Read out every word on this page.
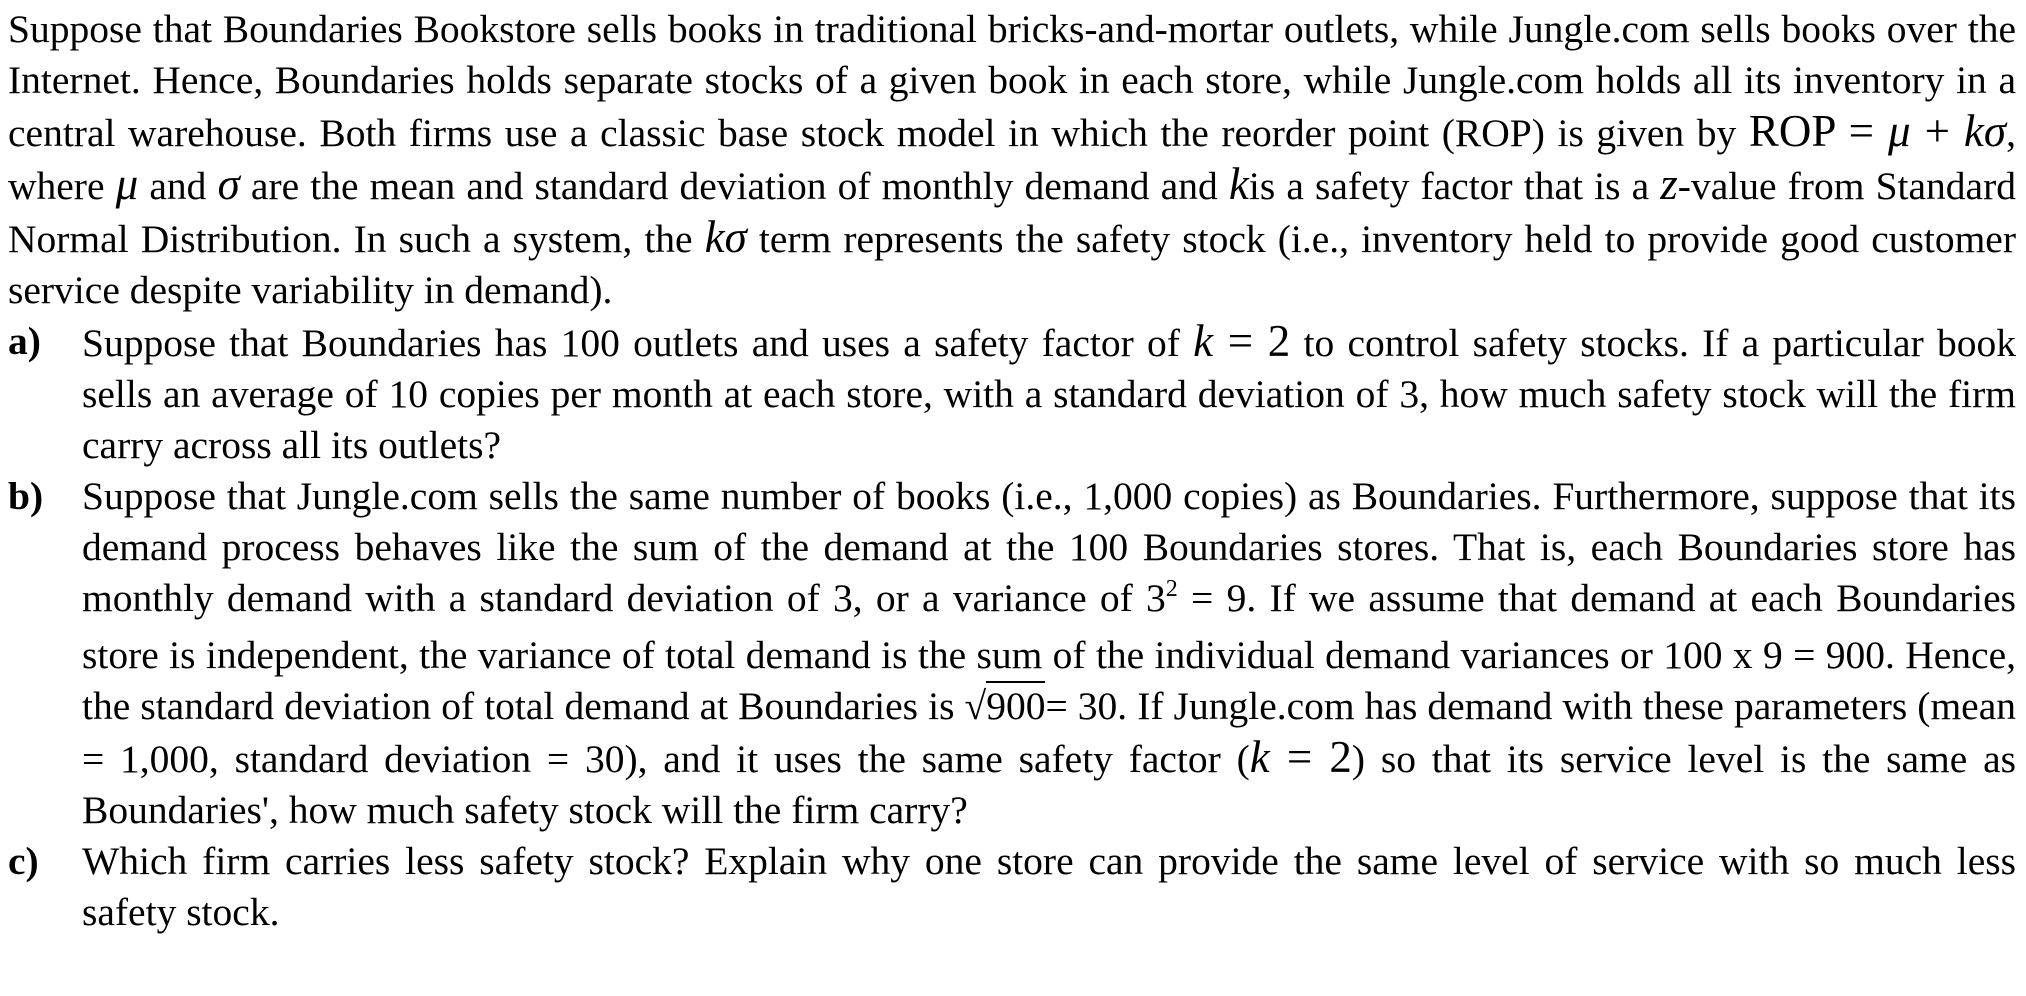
Suppose that Boundaries Bookstore sells books in traditional bricks-and-mortar outlets, while Jungle.com sells books over the Internet. Hence, Boundaries holds separate stocks of a given book in each store, while Jungle.com holds all its inventory in a central warehouse. Both firms use a classic base stock model in which the reorder point (ROP) is given by ROP = μ + kσ, where μ and σ are the mean and standard deviation of monthly demand and kis a safety factor that is a z-value from Standard Normal Distribution. In such a system, the kσ term represents the safety stock (i.e., inventory held to provide good customer service despite variability in demand).

a)	Suppose that Boundaries has 100 outlets and uses a safety factor of k = 2 to control safety stocks. If a particular book sells an average of 10 copies per month at each store, with a standard deviation of 3, how much safety stock will the firm carry across all its outlets?

b) Suppose that Jungle.com sells the same number of books (i.e., 1,000 copies) as Boundaries. Furthermore, suppose that its demand process behaves like the sum of the demand at the 100 Boundaries stores. That is, each Boundaries store has monthly demand with a standard deviation of 3, or a variance of $3^2 = 9$. If we assume that demand at each Boundaries store is independent, the variance of total demand is the sum of the individual demand variances or 100 x 9 = 900. Hence, the standard deviation of total demand at Boundaries is √900= 30. If Jungle.com has demand with these parameters (mean = 1,000, standard deviation = 30), and it uses the same safety factor (k = 2) so that its service level is the same as Boundaries', how much safety stock will the firm carry?

c)	Which firm carries less safety stock? Explain why one store can provide the same level of service with so much less safety stock.
